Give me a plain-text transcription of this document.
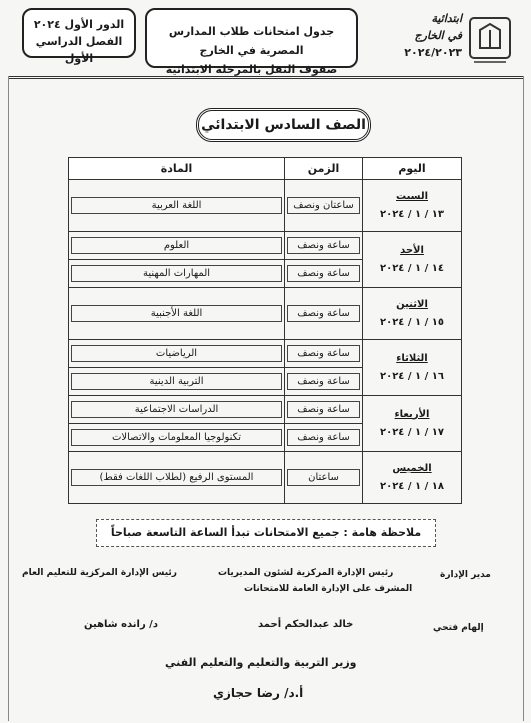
الدور الأول ٢٠٢٤
الفصل الدراسي الأول
جدول امتحانات طلاب المدارس المصرية في الخارج
صفوف النقل بالمرحلة الابتدائية
ابتدائية
في الخارج
٢٠٢٤/٢٠٢٣
الصف السادس الابتدائي
اليوم	الزمن	المادة

السبت
١٣ / ١ / ٢٠٢٤	ساعتان ونصف	اللغة العربية

الأحد
١٤ / ١ / ٢٠٢٤	ساعة ونصف	العلوم

	ساعة ونصف	المهارات المهنية

الاثنين
١٥ / ١ / ٢٠٢٤	ساعة ونصف	اللغة الأجنبية

الثلاثاء
١٦ / ١ / ٢٠٢٤	ساعة ونصف	الرياضيات

	ساعة ونصف	التربية الدينية

الأربعاء
١٧ / ١ / ٢٠٢٤	ساعة ونصف	الدراسات الاجتماعية

	ساعة ونصف	تكنولوجيا المعلومات والاتصالات

الخميس
١٨ / ١ / ٢٠٢٤	ساعتان	المستوى الرفيع (لطلاب اللغات فقط)
ملاحظة هامة : جميع الامتحانات تبدأ الساعة التاسعة صباحاً
مدير الإدارة
إلهام فتحي
رئيس الإدارة المركزية لشئون المديريات
المشرف على الإدارة العامة للامتحانات
خالد عبدالحكم أحمد
رئيس الإدارة المركزية للتعليم العام
د/ رانده شاهين
وزير التربية والتعليم والتعليم الفني
أ.د/ رضا حجازي
